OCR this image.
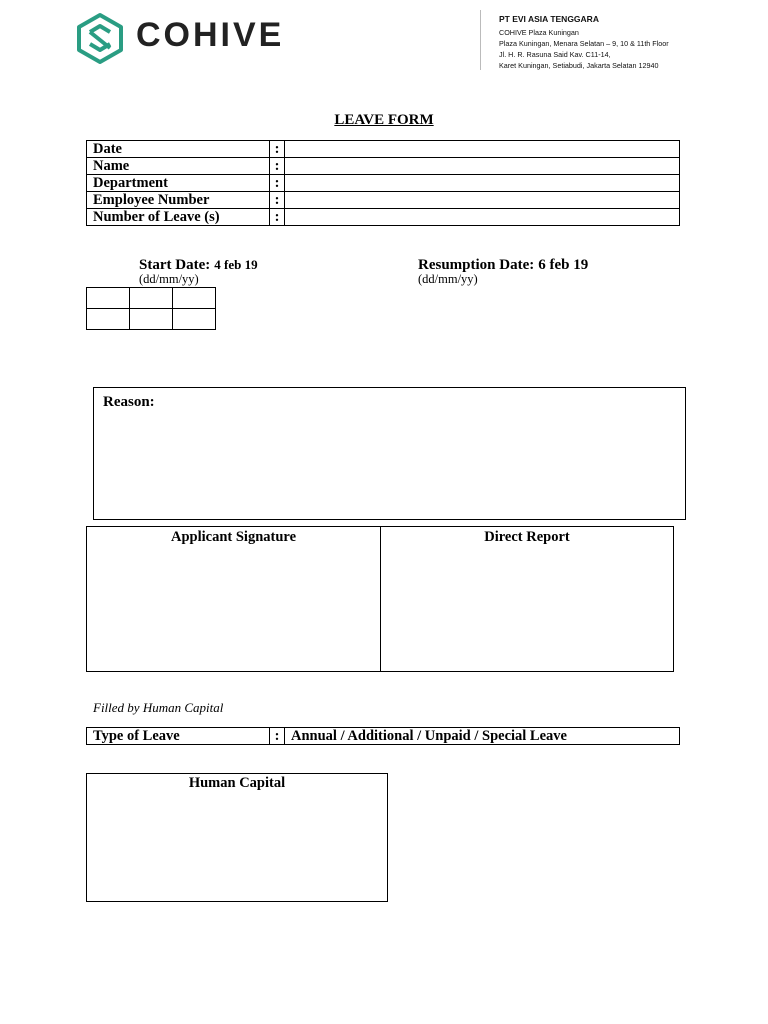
COHIVE	PT EVI ASIA TENGGARA
COHIVE Plaza Kuningan
Plaza Kuningan, Menara Selatan – 9, 10 & 11th Floor
Jl. H. R. Rasuna Said Kav. C11-14,
Karet Kuningan, Setiabudi, Jakarta Selatan 12940
LEAVE FORM
Date	:	
Name	:	
Department	:	
Employee Number	:	
Number of Leave (s)	:	
Start Date: 4 feb 19
(dd/mm/yy)
Resumption Date: 6 feb 19
(dd/mm/yy)

Reason:
Applicant Signature	Direct Report
Filled by Human Capital
Type of Leave	:	Annual / Additional / Unpaid / Special Leave
Human Capital
